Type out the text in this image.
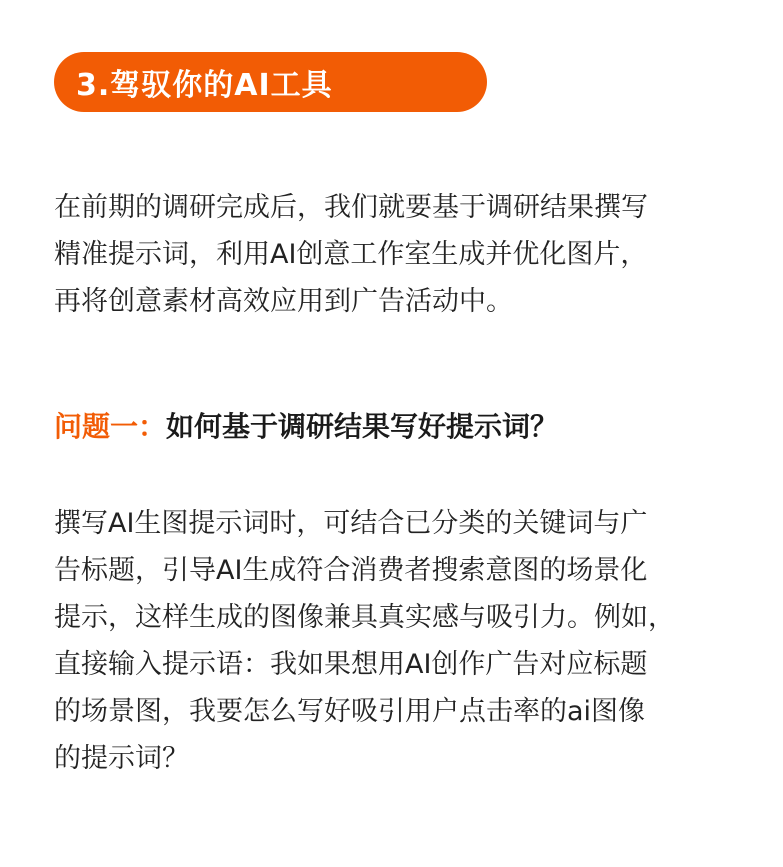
3.驾驭你的AI工具

在前期的调研完成后，我们就要基于调研结果撰写
精准提示词，利用AI创意工作室生成并优化图片，
再将创意素材高效应用到广告活动中。

问题一：如何基于调研结果写好提示词？

撰写AI生图提示词时，可结合已分类的关键词与广
告标题，引导AI生成符合消费者搜索意图的场景化
提示，这样生成的图像兼具真实感与吸引力。例如，
直接输入提示语：我如果想用AI创作广告对应标题
的场景图，我要怎么写好吸引用户点击率的ai图像
的提示词？
